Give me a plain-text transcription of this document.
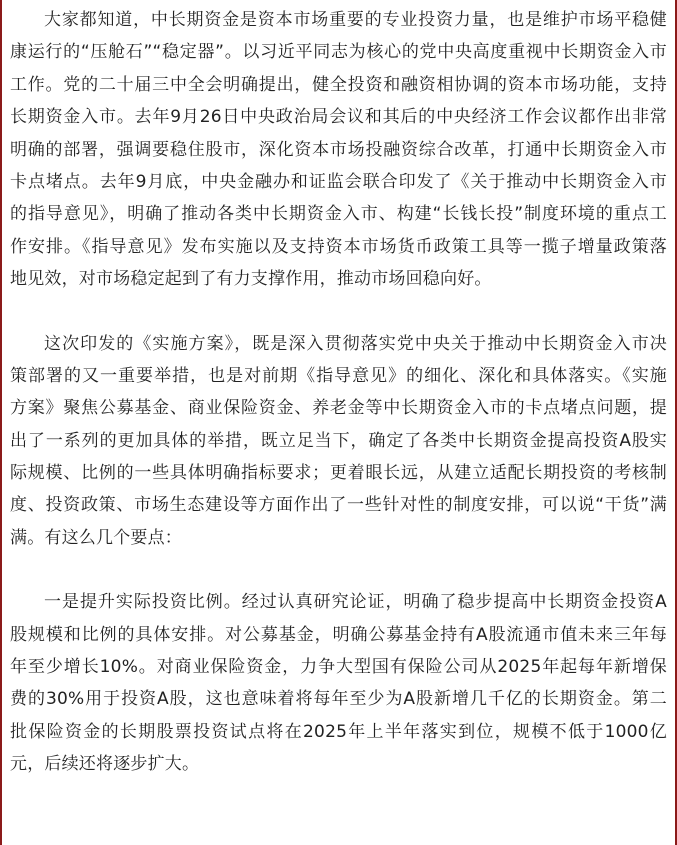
大家都知道，中长期资金是资本市场重要的专业投资力量，也是维护市场平稳健
康运行的“压舱石”“稳定器”。以习近平同志为核心的党中央高度重视中长期资金入市
工作。党的二十届三中全会明确提出，健全投资和融资相协调的资本市场功能，支持
长期资金入市。去年9月26日中央政治局会议和其后的中央经济工作会议都作出非常
明确的部署，强调要稳住股市，深化资本市场投融资综合改革，打通中长期资金入市
卡点堵点。去年9月底，中央金融办和证监会联合印发了《关于推动中长期资金入市
的指导意见》，明确了推动各类中长期资金入市、构建“长钱长投”制度环境的重点工
作安排。《指导意见》发布实施以及支持资本市场货币政策工具等一揽子增量政策落
地见效，对市场稳定起到了有力支撑作用，推动市场回稳向好。
这次印发的《实施方案》，既是深入贯彻落实党中央关于推动中长期资金入市决
策部署的又一重要举措，也是对前期《指导意见》的细化、深化和具体落实。《实施
方案》聚焦公募基金、商业保险资金、养老金等中长期资金入市的卡点堵点问题，提
出了一系列的更加具体的举措，既立足当下，确定了各类中长期资金提高投资A股实
际规模、比例的一些具体明确指标要求；更着眼长远，从建立适配长期投资的考核制
度、投资政策、市场生态建设等方面作出了一些针对性的制度安排，可以说“干货”满
满。有这么几个要点：
一是提升实际投资比例。经过认真研究论证，明确了稳步提高中长期资金投资A
股规模和比例的具体安排。对公募基金，明确公募基金持有A股流通市值未来三年每
年至少增长10%。对商业保险资金，力争大型国有保险公司从2025年起每年新增保
费的30%用于投资A股，这也意味着将每年至少为A股新增几千亿的长期资金。第二
批保险资金的长期股票投资试点将在2025年上半年落实到位，规模不低于1000亿
元，后续还将逐步扩大。
